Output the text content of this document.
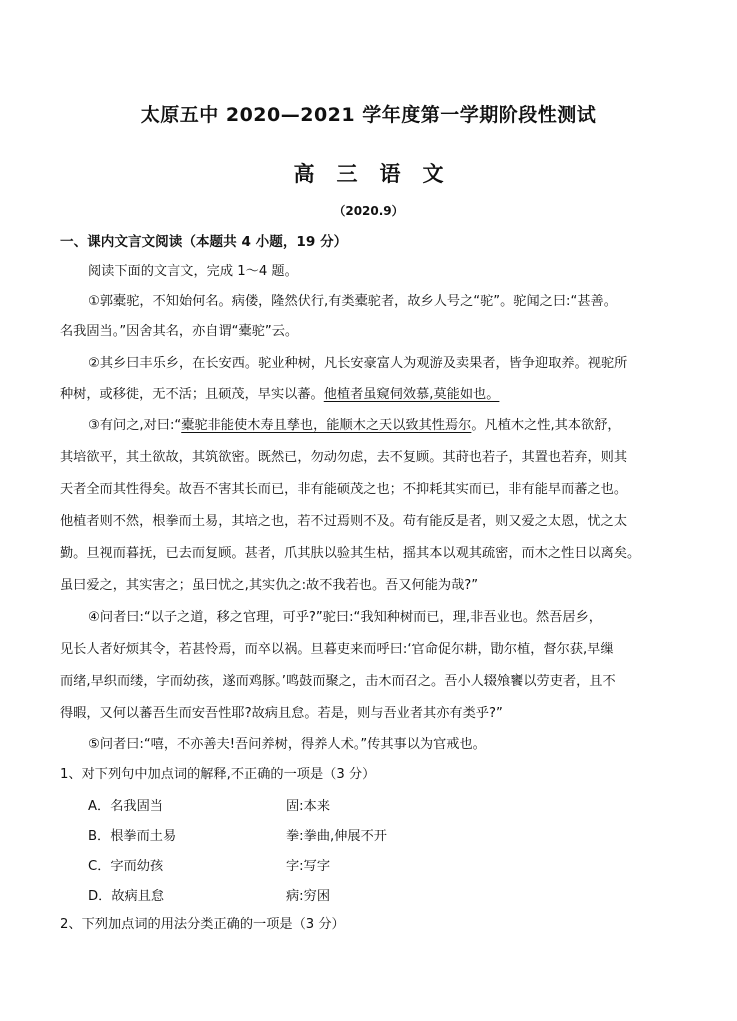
太原五中 2020—2021 学年度第一学期阶段性测试
高三语文
（2020.9）
一、课内文言文阅读（本题共 4 小题，19 分）
阅读下面的文言文，完成 1～4 题。
①郭橐驼，不知始何名。病偻，隆然伏行,有类橐驼者，故乡人号之“驼”。驼闻之曰:“甚善。
名我固当。”因舍其名，亦自谓“橐驼”云。
②其乡曰丰乐乡，在长安西。驼业种树，凡长安豪富人为观游及卖果者，皆争迎取养。视驼所
种树，或移徙，无不活；且硕茂，早实以蕃。他植者虽窥伺效慕,莫能如也。
③有问之,对曰:“橐驼非能使木寿且孳也，能顺木之天以致其性焉尔。凡植木之性,其本欲舒，
其培欲平，其土欲故，其筑欲密。既然已，勿动勿虑，去不复顾。其莳也若子，其置也若弃，则其
天者全而其性得矣。故吾不害其长而已，非有能硕茂之也；不抑耗其实而已，非有能早而蕃之也。
他植者则不然，根拳而土易，其培之也，若不过焉则不及。苟有能反是者，则又爱之太恩，忧之太
勤。旦视而暮抚，已去而复顾。甚者，爪其肤以验其生枯，摇其本以观其疏密，而木之性日以离矣。
虽曰爱之，其实害之；虽曰忧之,其实仇之:故不我若也。吾又何能为哉?”
④问者曰:“以子之道，移之官理，可乎?”驼曰:“我知种树而已，理,非吾业也。然吾居乡，
见长人者好烦其令，若甚怜焉，而卒以祸。旦暮吏来而呼曰:‘官命促尔耕，勖尔植，督尔获,早缫
而绪,早织而缕，字而幼孩，遂而鸡豚。’鸣鼓而聚之，击木而召之。吾小人辍飧饔以劳吏者，且不
得暇，又何以蕃吾生而安吾性耶?故病且怠。若是，则与吾业者其亦有类乎?”
⑤问者曰:“嘻，不亦善夫!吾问养树，得养人术。”传其事以为官戒也。
1、对下列句中加点词的解释,不正确的一项是（3 分）
A．名我固当	固:本来
B．根拳而土易	拳:拳曲,伸展不开
C．字而幼孩	字:写字
D．故病且怠	病:穷困
2、下列加点词的用法分类正确的一项是（3 分）
